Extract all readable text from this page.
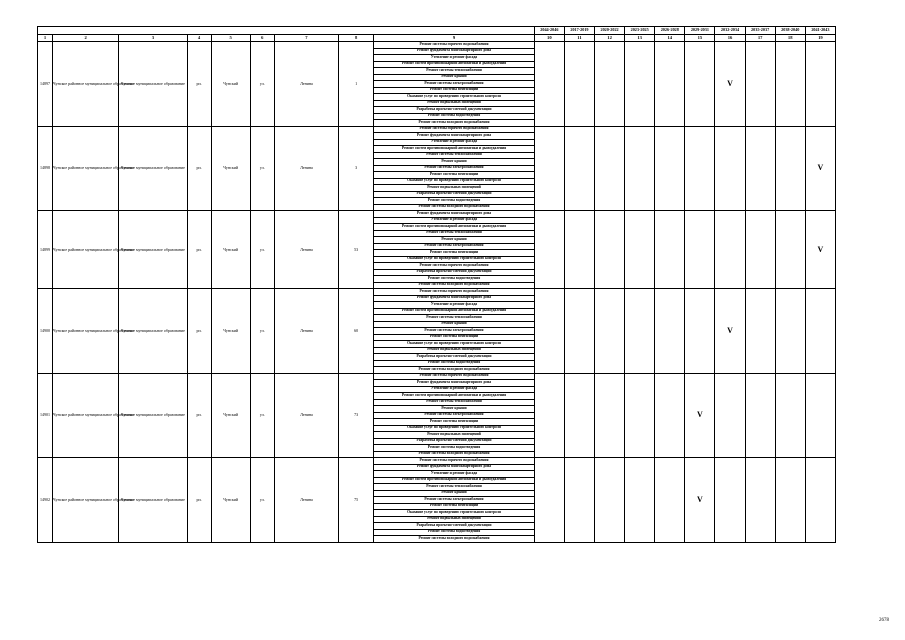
									2044-2046	2017-2019	2020-2022	2023-2025	2026-2028	2029-2031	2032-2034	2035-2037	2038-2040	2041-2043
1	2	3	4	5	6	7	8	9	10	11	12	13	14	15	16	17	18	19
14897	Чунское районное муниципальное образование	Чунское муниципальное образование	рп.	Чунский	ул.	Ленина	1	Ремонт системы горячего водоснабжения							V			
								Ремонт фундамента многоквартирного дома										
								Утепление и ремонт фасада										
								Ремонт систем противопожарной автоматики и дымоудаления										
								Ремонт системы теплоснабжения										
								Ремонт крыши										
								Ремонт системы электроснабжения										
								Ремонт системы вентиляции										
								Оказание услуг по проведению строительного контроля										
								Ремонт подвальных помещений										
								Разработка проектно-сметной документации										
								Ремонт системы водоотведения										
								Ремонт системы холодного водоснабжения										
14898	Чунское районное муниципальное образование	Чунское муниципальное образование	рп.	Чунский	ул.	Ленина	3	Ремонт системы горячего водоснабжения										V
								Ремонт фундамента многоквартирного дома										
								Утепление и ремонт фасада										
								Ремонт систем противопожарной автоматики и дымоудаления										
								Ремонт системы теплоснабжения										
								Ремонт крыши										
								Ремонт системы электроснабжения										
								Ремонт системы вентиляции										
								Оказание услуг по проведению строительного контроля										
								Ремонт подвальных помещений										
								Разработка проектно-сметной документации										
								Ремонт системы водоотведения										
								Ремонт системы холодного водоснабжения										
14899	Чунское районное муниципальное образование	Чунское муниципальное образование	рп.	Чунский	ул.	Ленина	53	Ремонт фундамента многоквартирного дома										V
								Утепление и ремонт фасада										
								Ремонт систем противопожарной автоматики и дымоудаления										
								Ремонт системы теплоснабжения										
								Ремонт крыши										
								Ремонт системы электроснабжения										
								Ремонт системы вентиляции										
								Оказание услуг по проведению строительного контроля										
								Ремонт системы горячего водоснабжения										
								Разработка проектно-сметной документации										
								Ремонт системы водоотведения										
								Ремонт системы холодного водоснабжения										
14900	Чунское районное муниципальное образование	Чунское муниципальное образование	рп.	Чунский	ул.	Ленина	60	Ремонт системы горячего водоснабжения							V			
								Ремонт фундамента многоквартирного дома										
								Утепление и ремонт фасада										
								Ремонт систем противопожарной автоматики и дымоудаления										
								Ремонт системы теплоснабжения										
								Ремонт крыши										
								Ремонт системы электроснабжения										
								Ремонт системы вентиляции										
								Оказание услуг по проведению строительного контроля										
								Ремонт подвальных помещений										
								Разработка проектно-сметной документации										
								Ремонт системы водоотведения										
								Ремонт системы холодного водоснабжения										
14901	Чунское районное муниципальное образование	Чунское муниципальное образование	рп.	Чунский	ул.	Ленина	73	Ремонт системы горячего водоснабжения						V				
								Ремонт фундамента многоквартирного дома										
								Утепление и ремонт фасада										
								Ремонт систем противопожарной автоматики и дымоудаления										
								Ремонт системы теплоснабжения										
								Ремонт крыши										
								Ремонт системы электроснабжения										
								Ремонт системы вентиляции										
								Оказание услуг по проведению строительного контроля										
								Ремонт подвальных помещений										
								Разработка проектно-сметной документации										
								Ремонт системы водоотведения										
								Ремонт системы холодного водоснабжения										
14902	Чунское районное муниципальное образование	Чунское муниципальное образование	рп.	Чунский	ул.	Ленина	75	Ремонт системы горячего водоснабжения						V				
								Ремонт фундамента многоквартирного дома										
								Утепление и ремонт фасада										
								Ремонт систем противопожарной автоматики и дымоудаления										
								Ремонт системы теплоснабжения										
								Ремонт крыши										
								Ремонт системы электроснабжения										
								Ремонт системы вентиляции										
								Оказание услуг по проведению строительного контроля										
								Ремонт подвальных помещений										
								Разработка проектно-сметной документации										
								Ремонт системы водоотведения										
								Ремонт системы холодного водоснабжения										
2678
